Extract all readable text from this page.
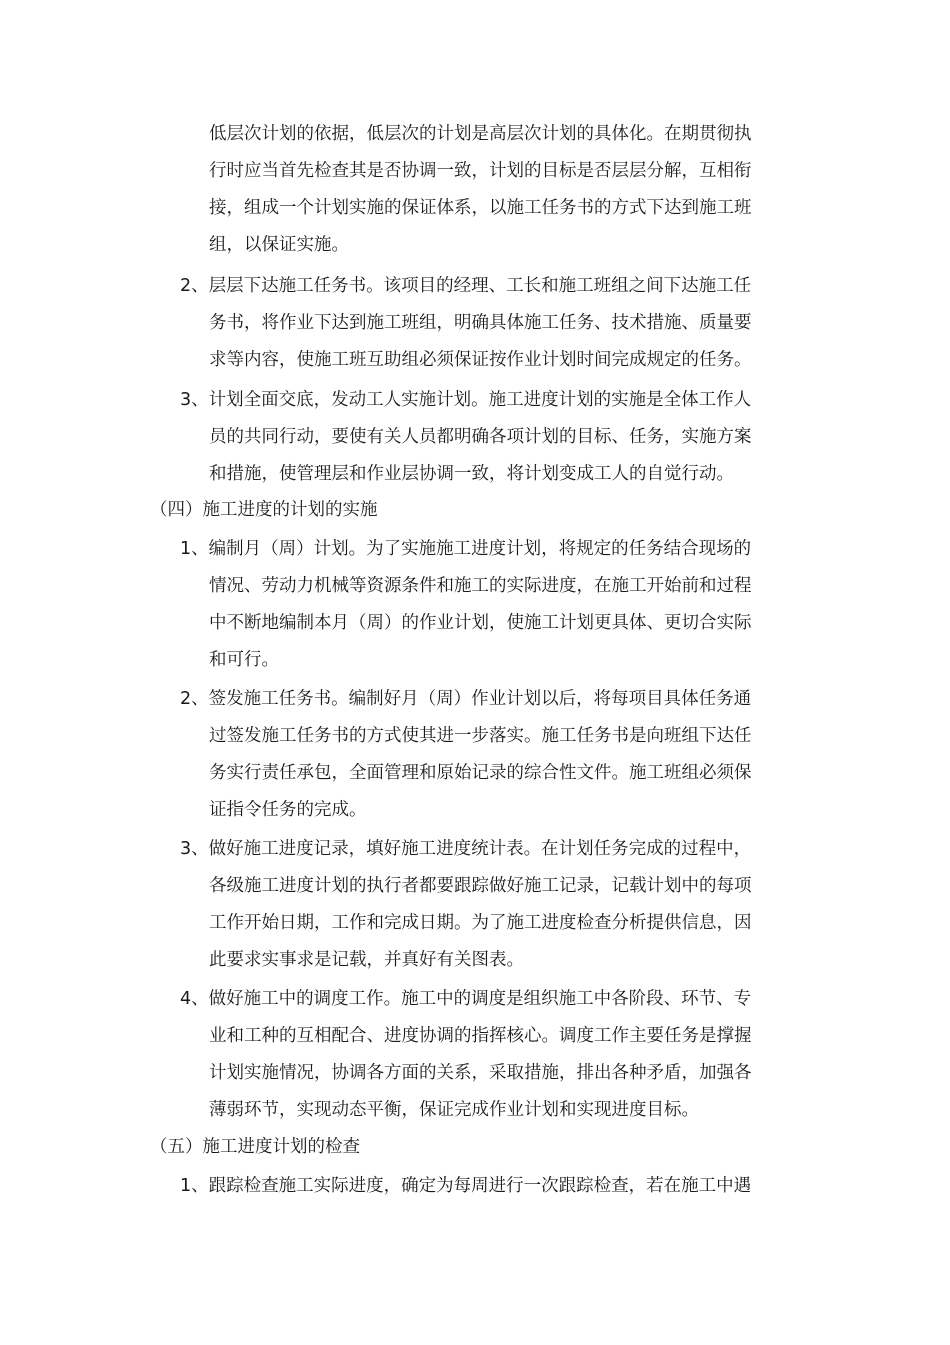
低层次计划的依据，低层次的计划是高层次计划的具体化。在期贯彻执
行时应当首先检查其是否协调一致，计划的目标是否层层分解，互相衔
接，组成一个计划实施的保证体系，以施工任务书的方式下达到施工班
组，以保证实施。
2、层层下达施工任务书。该项目的经理、工长和施工班组之间下达施工任
务书，将作业下达到施工班组，明确具体施工任务、技术措施、质量要
求等内容，使施工班互助组必须保证按作业计划时间完成规定的任务。
3、计划全面交底，发动工人实施计划。施工进度计划的实施是全体工作人
员的共同行动，要使有关人员都明确各项计划的目标、任务，实施方案
和措施，使管理层和作业层协调一致，将计划变成工人的自觉行动。
（四）施工进度的计划的实施
1、编制月（周）计划。为了实施施工进度计划，将规定的任务结合现场的
情况、劳动力机械等资源条件和施工的实际进度，在施工开始前和过程
中不断地编制本月（周）的作业计划，使施工计划更具体、更切合实际
和可行。
2、签发施工任务书。编制好月（周）作业计划以后，将每项目具体任务通
过签发施工任务书的方式使其进一步落实。施工任务书是向班组下达任
务实行责任承包，全面管理和原始记录的综合性文件。施工班组必须保
证指令任务的完成。
3、做好施工进度记录，填好施工进度统计表。在计划任务完成的过程中，
各级施工进度计划的执行者都要跟踪做好施工记录，记载计划中的每项
工作开始日期，工作和完成日期。为了施工进度检查分析提供信息，因
此要求实事求是记载，并真好有关图表。
4、做好施工中的调度工作。施工中的调度是组织施工中各阶段、环节、专
业和工种的互相配合、进度协调的指挥核心。调度工作主要任务是撑握
计划实施情况，协调各方面的关系，采取措施，排出各种矛盾，加强各
薄弱环节，实现动态平衡，保证完成作业计划和实现进度目标。
（五）施工进度计划的检查
1、跟踪检查施工实际进度，确定为每周进行一次跟踪检查，若在施工中遇
